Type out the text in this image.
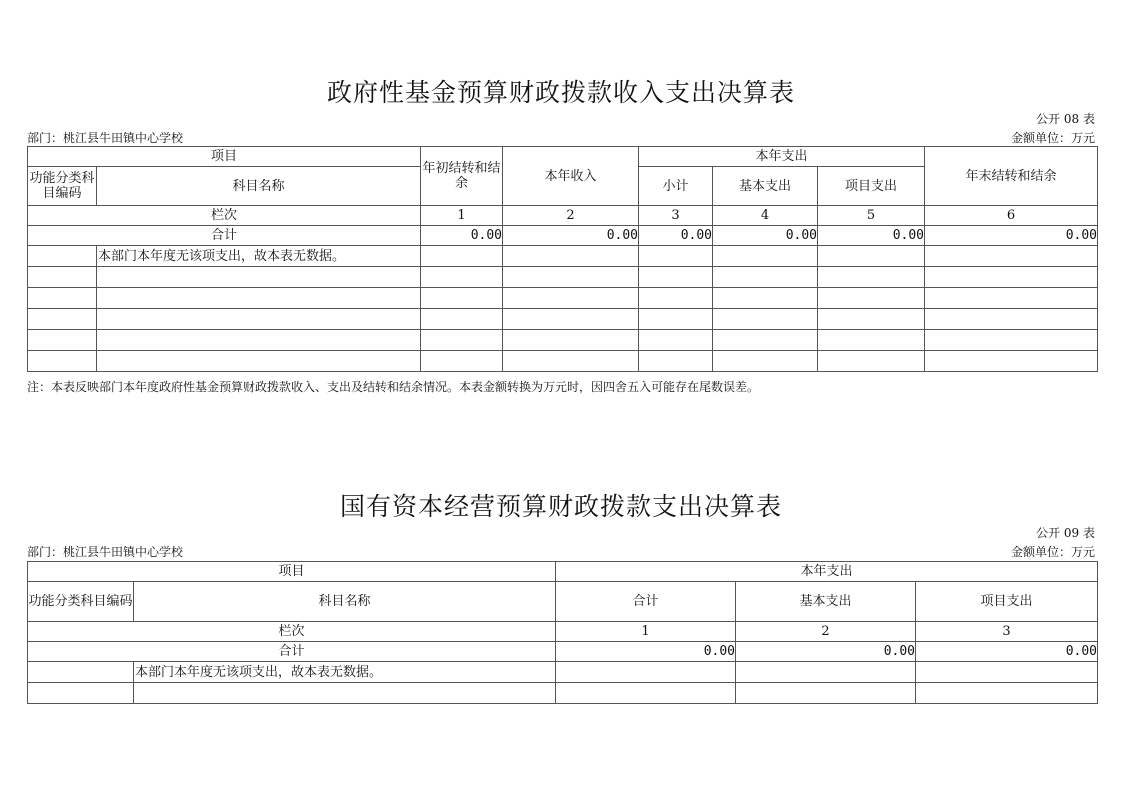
政府性基金预算财政拨款收入支出决算表
公开 08 表
部门：桃江县牛田镇中心学校	金额单位：万元
项目		年初结转和结余	本年收入	本年支出			年末结转和结余
功能分类科目编码	科目名称			小计	基本支出	项目支出	
栏次		1	2	3	4	5	6
合计		0.00	0.00	0.00	0.00	0.00	0.00
	本部门本年度无该项支出，故本表无数据。						

注：本表反映部门本年度政府性基金预算财政拨款收入、支出及结转和结余情况。本表金额转换为万元时，因四舍五入可能存在尾数误差。
国有资本经营预算财政拨款支出决算表
公开 09 表
部门：桃江县牛田镇中心学校	金额单位：万元
项目		本年支出		
功能分类科目编码	科目名称	合计	基本支出	项目支出
栏次		1	2	3
合计		0.00	0.00	0.00
	本部门本年度无该项支出，故本表无数据。			
